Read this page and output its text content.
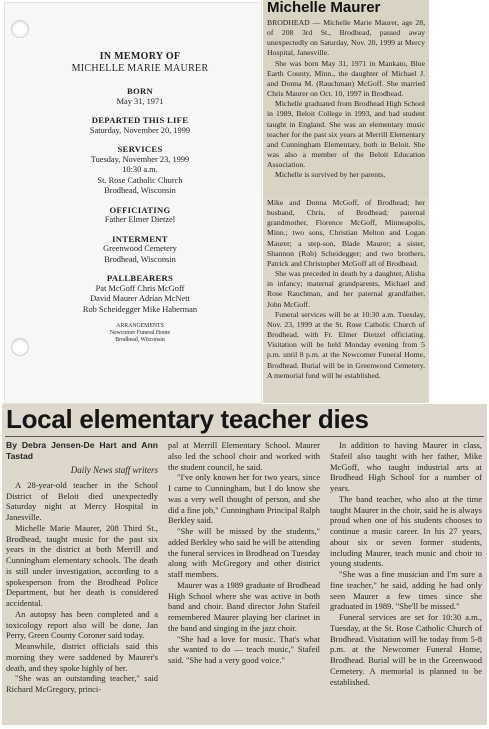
IN MEMORY OF
MICHELLE MARIE MAURER
BORN
May 31, 1971
DEPARTED THIS LIFE
Saturday, November 20, 1999
SERVICES
Tuesday, November 23, 1999
10:30 a.m.
St. Rose Catholic Church
Brodhead, Wisconsin
OFFICIATING
Father Elmer Dietzel
INTERMENT
Greenwood Cemetery
Brodhead, Wisconsin
PALLBEARERS
Pat McGoff Chris McGoff
David Maurer Adrian McNett
Rob Scheidegger Mike Haberman
ARRANGEMENTS
Newcomer Funeral Home
Brodhead, Wisconsin
Michelle Maurer

BRODHEAD — Michelle Marie Maurer, age 28, of 208 3rd St., Brodhead, passed away unexpectedly on Saturday, Nov. 20, 1999 at Mercy Hospital, Janesville.

She was born May 31, 1971 in Mankato, Blue Earth County, Minn., the daughter of Michael J. and Donna M. (Rauchman) McGoff. She married Chris Maurer on Oct. 10, 1997 in Brodhead.

Michelle graduated from Brodhead High School in 1989, Beloit College in 1993, and had student taught in England. She was an elementary music teacher for the past six years at Merrill Elementary and Cunningham Elementary, both in Beloit. She was also a member of the Beloit Education Association.

Michelle is survived by her parents,

Mike and Donna McGoff, of Brodhead; her husband, Chris, of Brodhead; paternal grandmother, Florence McGoff, Minneapolis, Minn.; two sons, Christian Melton and Logan Maurer; a step-son, Blade Maurer; a sister, Shannon (Rob) Scheidegger; and two brothers, Patrick and Christopher McGoff all of Brodhead.

She was preceded in death by a daughter, Alisha in infancy; maternal grandparents, Michael and Rose Rauchman, and her paternal grandfather, John McGoff.

Funeral services will be at 10:30 a.m. Tuesday, Nov. 23, 1999 at the St. Rose Catholic Church of Brodhead, with Fr. Elmer Dietzel officiating. Visitation will be held Monday evening from 5 p.m. until 8 p.m. at the Newcomer Funeral Home, Brodhead. Burial will be in Greenwood Cemetery. A memorial fund will be established.

Local elementary teacher dies
By Debra Jensen-De Hart and Ann Tastad
Daily News staff writers

A 28-year-old teacher in the School District of Beloit died unexpectedly Saturday night at Mercy Hospital in Janesville.

Michelle Marie Maurer, 208 Third St., Brodhead, taught music for the past six years in the district at both Merrill and Cunningham elementary schools. The death is still under investigation, according to a spokesperson from the Brodhead Police Department, but her death is considered accidental.

An autopsy has been completed and a toxicology report also will be done, Jan Perry, Green County Coroner said today.

Meanwhile, district officials said this morning they were saddened by Maurer's death, and they spoke highly of her.

"She was an outstanding teacher," said Richard McGregory, princi-

pal at Merrill Elementary School. Maurer also led the school choir and worked with the student council, he said.

"I've only known her for two years, since I came to Cunningham, but I do know she was a very well thought of person, and she did a fine job," Cunningham Principal Ralph Berkley said.

"She will be missed by the students," added Berkley who said he will be attending the funeral services in Brodhead on Tuesday along with McGregory and other district staff members.

Maurer was a 1989 graduate of Brodhead High School where she was active in both band and choir. Band director John Stafeil remembered Maurer playing her clarinet in the band and singing in the jazz choir.

"She had a love for music. That's what she wanted to do — teach music," Stafeil said. "She had a very good voice."

In addition to having Maurer in class, Stafeil also taught with her father, Mike McGoff, who taught industrial arts at Brodhead High School for a number of years.

The band teacher, who also at the time taught Maurer in the choir, said he is always proud when one of his students chooses to continue a music career. In his 27 years, about six or seven former students, including Maurer, teach music and choir to young students.

"She was a fine musician and I'm sure a fine teacher," he said, adding he had only seen Maurer a few times since she graduated in 1989. "She'll be missed."

Funeral services are set for 10:30 a.m., Tuesday, at the St. Rose Catholic Church of Brodhead. Visitation will be today from 5-8 p.m. at the Newcomer Funeral Home, Brodhead. Burial will be in the Greenwood Cemetery. A memorial is planned to be established.
